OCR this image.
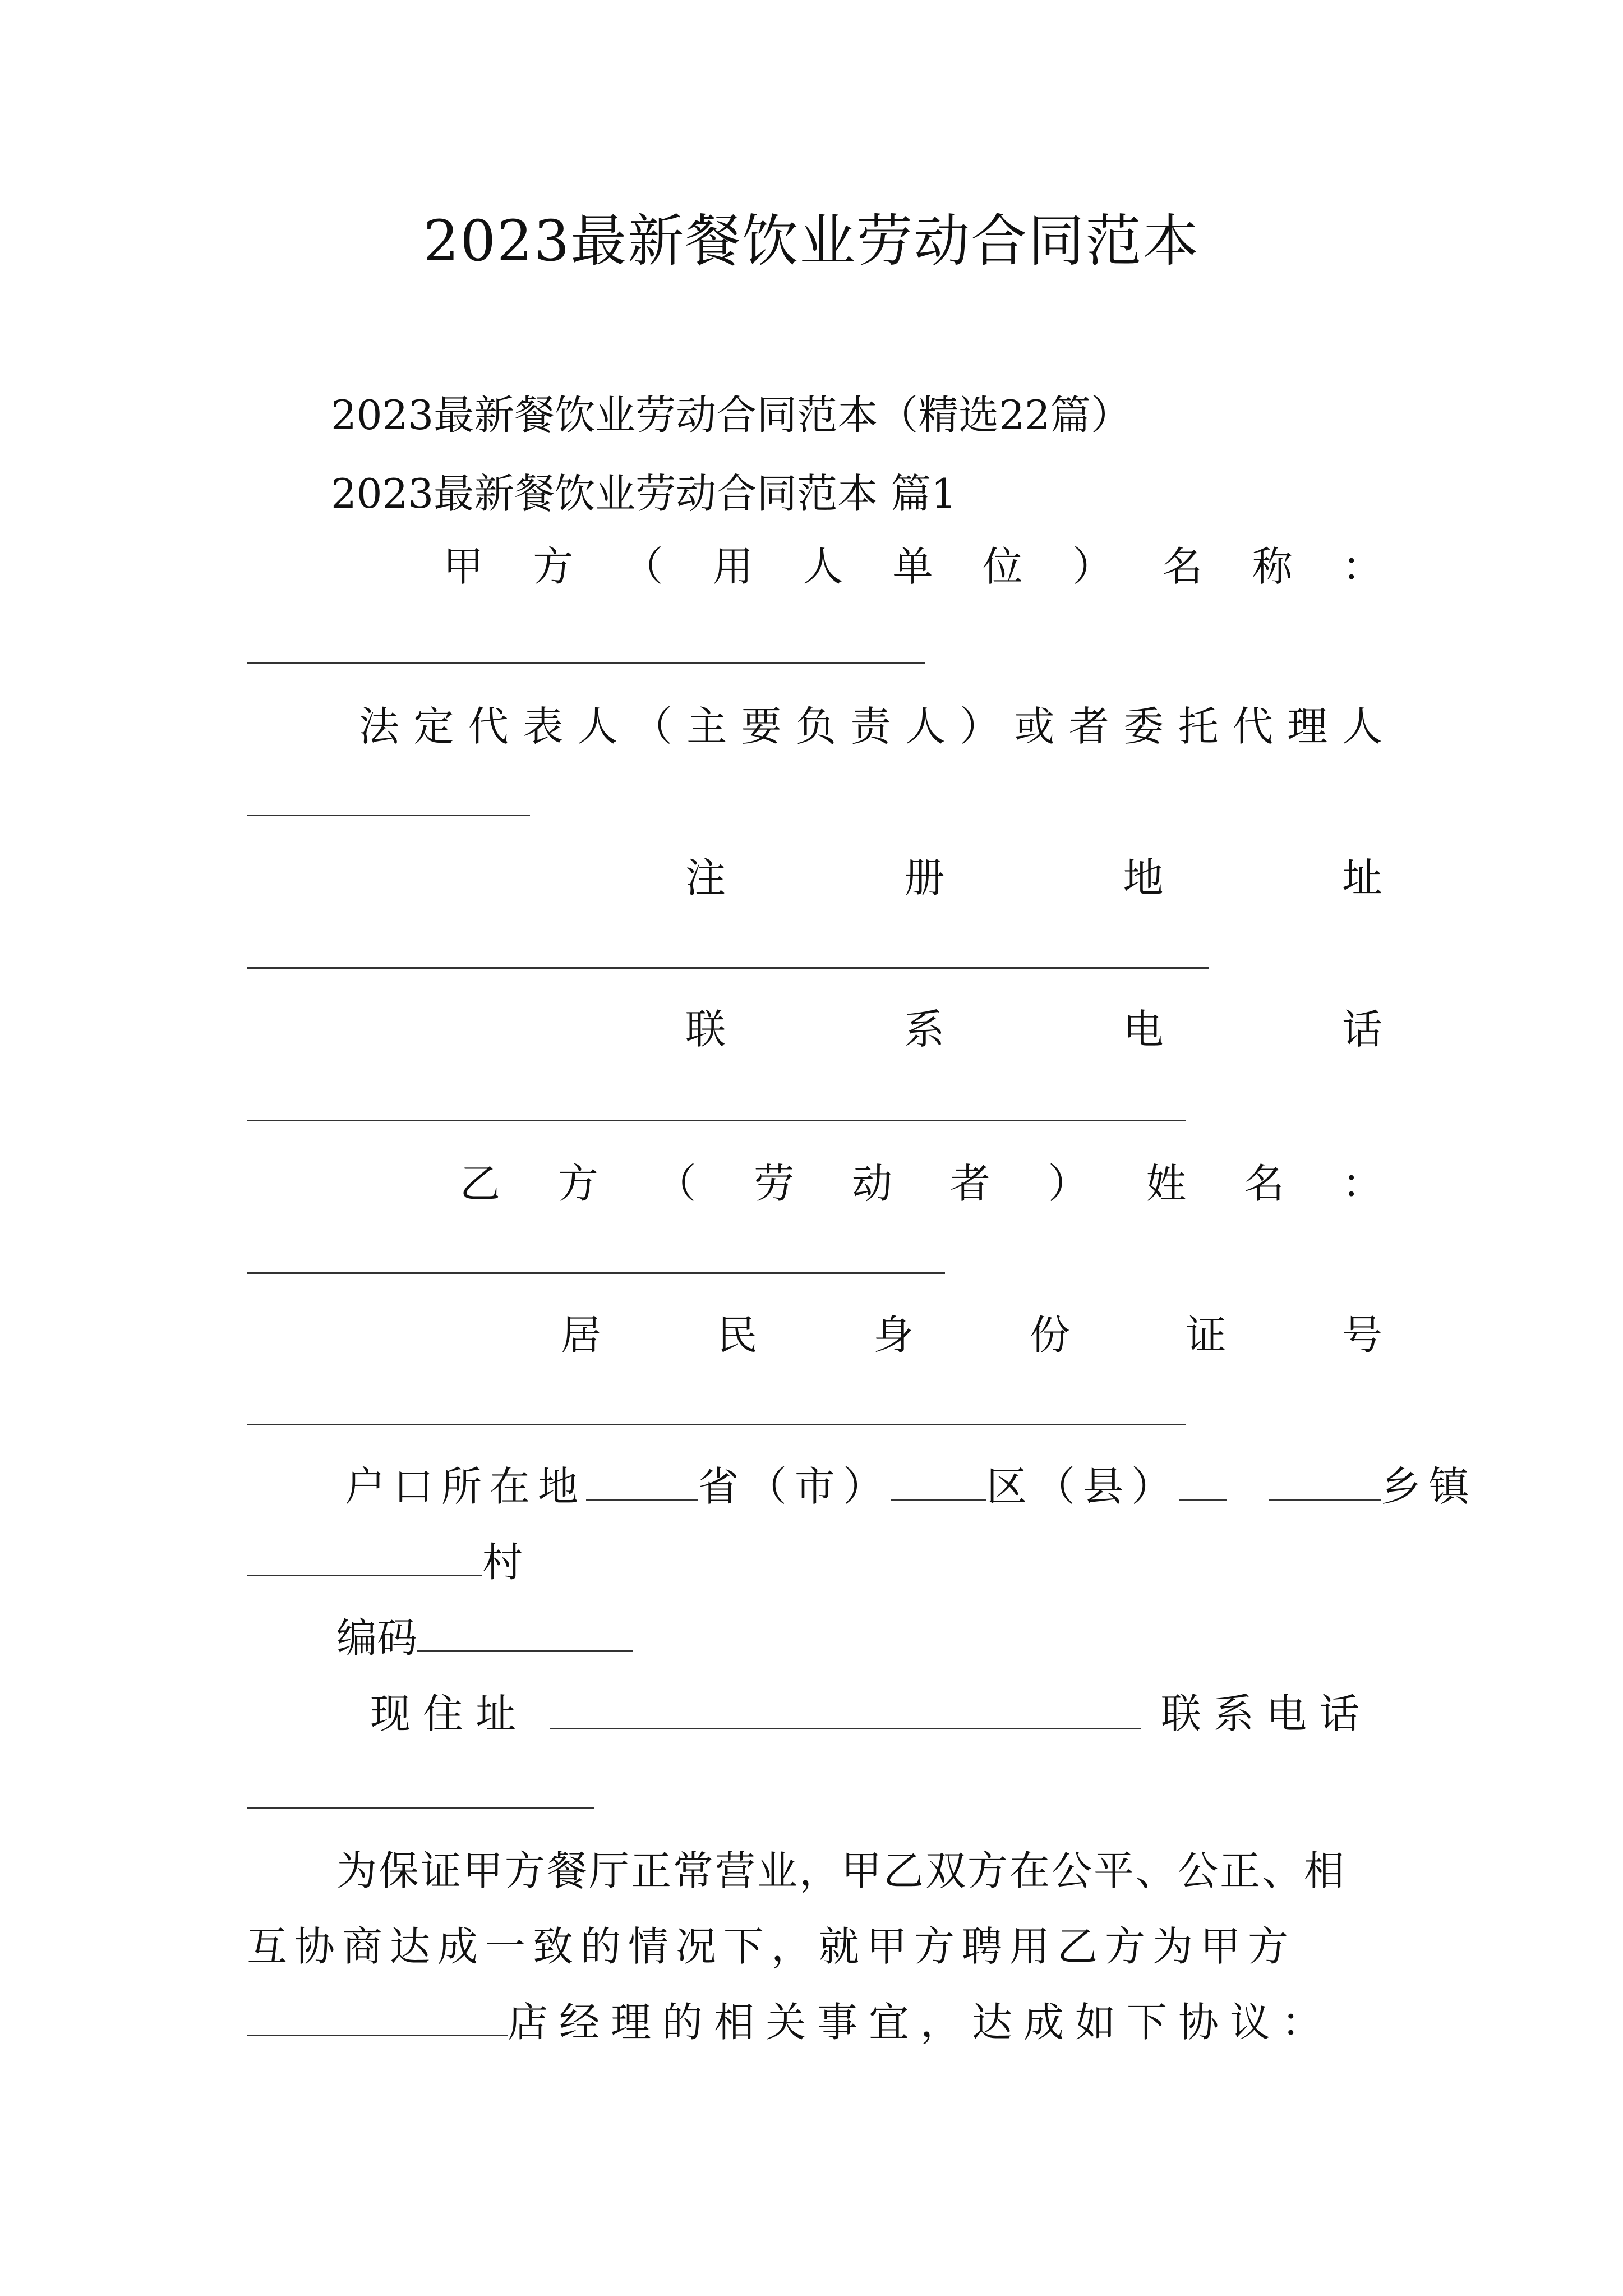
2023最新餐饮业劳动合同范本
2023最新餐饮业劳动合同范本（精选22篇）
2023最新餐饮业劳动合同范本 篇1
甲 方 （ 用 人 单 位 ） 名 称 ：
法 定 代 表 人 （ 主 要 负 责 人 ） 或 者 委 托 代 理 人
注	册	地	址
联	系	电	话
乙 方 （ 劳 动 者 ） 姓 名 ：
居	民	身	份	证	号
户口所在地	省（市） 区（县）	乡镇
村
编码
现住址	联系电话
为保证甲方餐厅正常营业，甲乙双方在公平、公正、相
互协商达成一致的情况下，就甲方聘用乙方为甲方
店经理的相关事宜，达成如下协议：
